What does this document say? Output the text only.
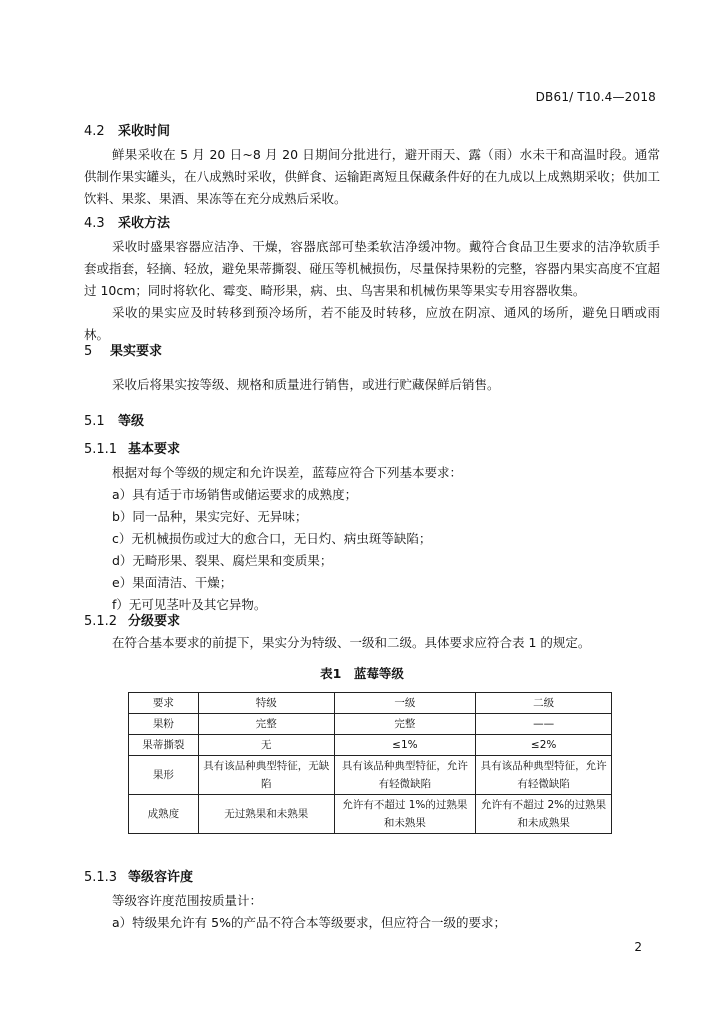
DB61/ T10.4—2018
4.2 采收时间
鲜果采收在 5 月 20 日~8 月 20 日期间分批进行，避开雨天、露（雨）水未干和高温时段。通常供制作果实罐头，在八成熟时采收，供鲜食、运输距离短且保藏条件好的在九成以上成熟期采收；供加工饮料、果浆、果酒、果冻等在充分成熟后采收。
4.3 采收方法
采收时盛果容器应洁净、干燥，容器底部可垫柔软洁净缓冲物。戴符合食品卫生要求的洁净软质手套或指套，轻摘、轻放，避免果蒂撕裂、碰压等机械损伤，尽量保持果粉的完整，容器内果实高度不宜超过 10cm；同时将软化、霉变、畸形果，病、虫、鸟害果和机械伤果等果实专用容器收集。
采收的果实应及时转移到预冷场所，若不能及时转移，应放在阴凉、通风的场所，避免日晒或雨林。
5 果实要求
采收后将果实按等级、规格和质量进行销售，或进行贮藏保鲜后销售。
5.1 等级
5.1.1 基本要求
根据对每个等级的规定和允许误差，蓝莓应符合下列基本要求：
a）具有适于市场销售或储运要求的成熟度；
b）同一品种，果实完好、无异味；
c）无机械损伤或过大的愈合口，无日灼、病虫斑等缺陷；
d）无畸形果、裂果、腐烂果和变质果；
e）果面清洁、干燥；
f）无可见茎叶及其它异物。
5.1.2 分级要求
在符合基本要求的前提下，果实分为特级、一级和二级。具体要求应符合表 1 的规定。
表1　蓝莓等级
要求	特级	一级	二级
果粉	完整	完整	——
果蒂撕裂	无	≤1%	≤2%
果形	具有该品种典型特征，无缺陷	具有该品种典型特征，允许有轻微缺陷	具有该品种典型特征，允许有轻微缺陷
成熟度	无过熟果和未熟果	允许有不超过 1%的过熟果和未熟果	允许有不超过 2%的过熟果和未成熟果
5.1.3 等级容许度
等级容许度范围按质量计：
a）特级果允许有 5%的产品不符合本等级要求，但应符合一级的要求；
2
